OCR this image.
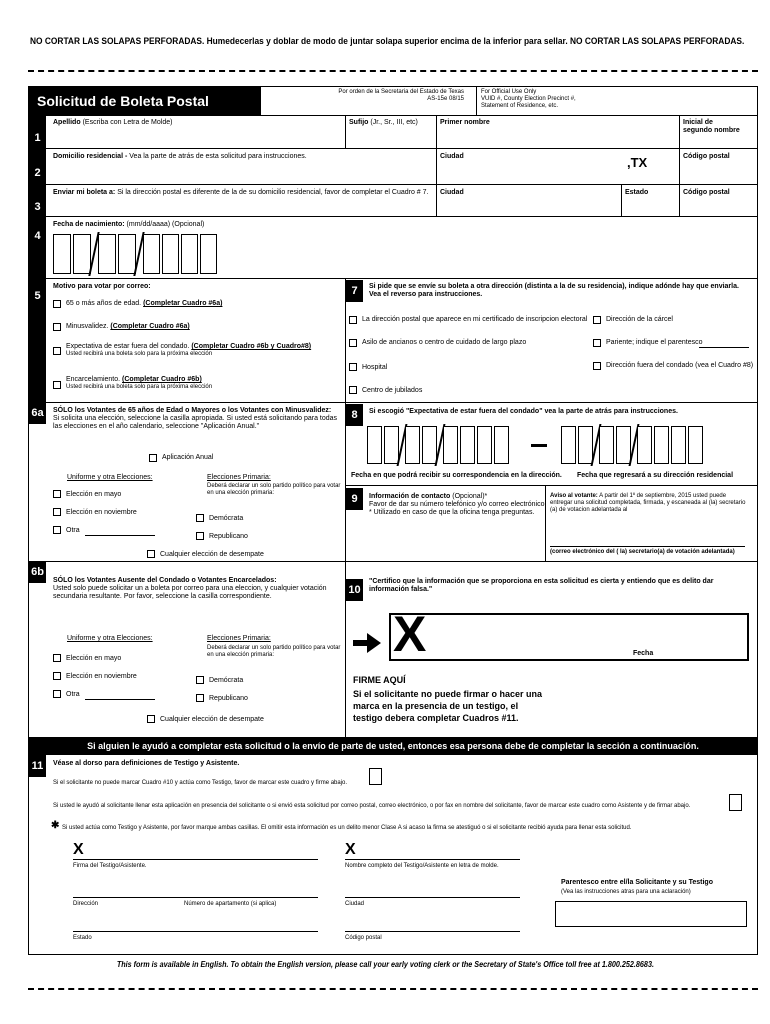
NO CORTAR LAS SOLAPAS PERFORADAS. Humedecerlas y doblar de modo de juntar solapa superior encima de la inferior para sellar. NO CORTAR LAS SOLAPAS PERFORADAS.
Solicitud de Boleta Postal
Por orden de la Secretaria del Estado de Texas
AS-15e 08/15
For Official Use Only
VUID #, County Election Precinct #,
Statement of Residence, etc.
1
Apellido (Escriba con Letra de Molde)	Sufijo (Jr., Sr., III, etc)	Primer nombre	Inicial de
segundo nombre
2
Domicilio residencial - Vea la parte de atrás de esta solicitud para instrucciones.	Ciudad	,TX	Código postal
3
Enviar mi boleta a: Si la dirección postal es diferente de la de su domicilio residencial, favor de completar el Cuadro # 7. Ciudad	Estado	Código postal
4
Fecha de nacimiento: (mm/dd/aaaa) (Opcional)
5
Motivo para votar por correo:
65 o más años de edad. (Completar Cuadro #6a)
Minusvalidez. (Completar Cuadro #6a)
Expectativa de estar fuera del condado. (Completar Cuadro #6b y Cuadro#8)
Usted recibirá una boleta solo para la próxima elección
Encarcelamiento. (Completar Cuadro #6b)
Usted recibirá una boleta solo para la próxima elección
7	Si pide que se envíe su boleta a otra dirección (distinta a la de su residencia), indique adónde hay que enviarla.
Vea el reverso para instrucciones.
La dirección postal que aparece en mi certificado de inscripcion electoral	Dirección de la cárcel
Asilo de ancianos o centro de cuidado de largo plazo	Pariente; indique el parentesco
Hospital	Dirección fuera del condado (vea el Cuadro #8)
Centro de jubilados
6a	SÓLO los Votantes de 65 años de Edad o Mayores o los Votantes con Minusvalidez:
Si solicita una elección, seleccione la casilla apropiada. Si usted está solicitando para todas las elecciones en el año calendario, seleccione "Aplicación Anual."
Aplicación Anual
Uniforme y otra Elecciones:	Elecciones Primaria:
Deberá declarar un solo partido político para votar en una elección primaria:
Elección en mayo
Elección en noviembre
Demócrata
Otra
Republicano
Cualquier elección de desempate
8	Si escogió "Expectativa de estar fuera del condado" vea la parte de atrás para instrucciones.
Fecha en que podrá recibir su correspondencia en la dirección. Fecha que regresará a su dirección residencial
9	Información de contacto (Opcional)*
Favor de dar su número telefónico y/o correo electrónico:
* Utilizado en caso de que la oficina tenga preguntas.
Aviso al votante: A partir del 1º de septiembre, 2015 usted puede entregar una solicitud completada, firmada, y escaneada al (la) secretario (a) de votacion adelantada al
(correo electrónico del ( la) secretario(a) de votación adelantada)
6b
SÓLO los Votantes Ausente del Condado o Votantes Encarcelados:
Usted solo puede solicitar un a boleta por correo para una eleccion, y cualquier votación secundaria resultante. Por favor, seleccione la casilla correspondiente.
Uniforme y otra Elecciones:	Elecciones Primaria:
Deberá declarar un solo partido político para votar en una elección primaria:
Elección en mayo
Elección en noviembre
Demócrata
Otra
Republicano
Cualquier elección de desempate
10
"Certifico que la información que se proporciona en esta solicitud es cierta y entiendo que es delito dar información falsa."
X	Fecha
FIRME AQUÍ
Si el solicitante no puede firmar o hacer una marca en la presencia de un testigo, el testigo debera completar Cuadros #11.
Si alguien le ayudó a completar esta solicitud o la envío de parte de usted, entonces esa persona debe de completar la sección a continuación.
11	Véase al dorso para definiciones de Testigo y Asistente.
Si el solicitante no puede marcar Cuadro #10 y actúa como Testigo, favor de marcar este cuadro y firme abajo.
Si usted le ayudó al solicitante llenar esta aplicación en presencia del solicitante o si envió esta solicitud por correo postal, correo electrónico, o por fax en nombre del solicitante, favor de marcar este cuadro como Asistente y de firmar abajo.
✱ Si usted actúa como Testigo y Asistente, por favor marque ambas casillas. El omitir esta información es un delito menor Clase A si acaso la firma se atestiguó o si el solicitante recibió ayuda para llenar esta solicitud.
X
Firma del Testigo/Asistente.
X
Nombre completo del Testigo/Asistente en letra de molde.
Parentesco entre el/la Solicitante y su Testigo
(Vea las instrucciones atras para una aclaración)
Dirección	Número de apartamento (si aplica)	Ciudad
Estado	Código postal
This form is available in English. To obtain the English version, please call your early voting clerk or the Secretary of State's Office toll free at 1.800.252.8683.
